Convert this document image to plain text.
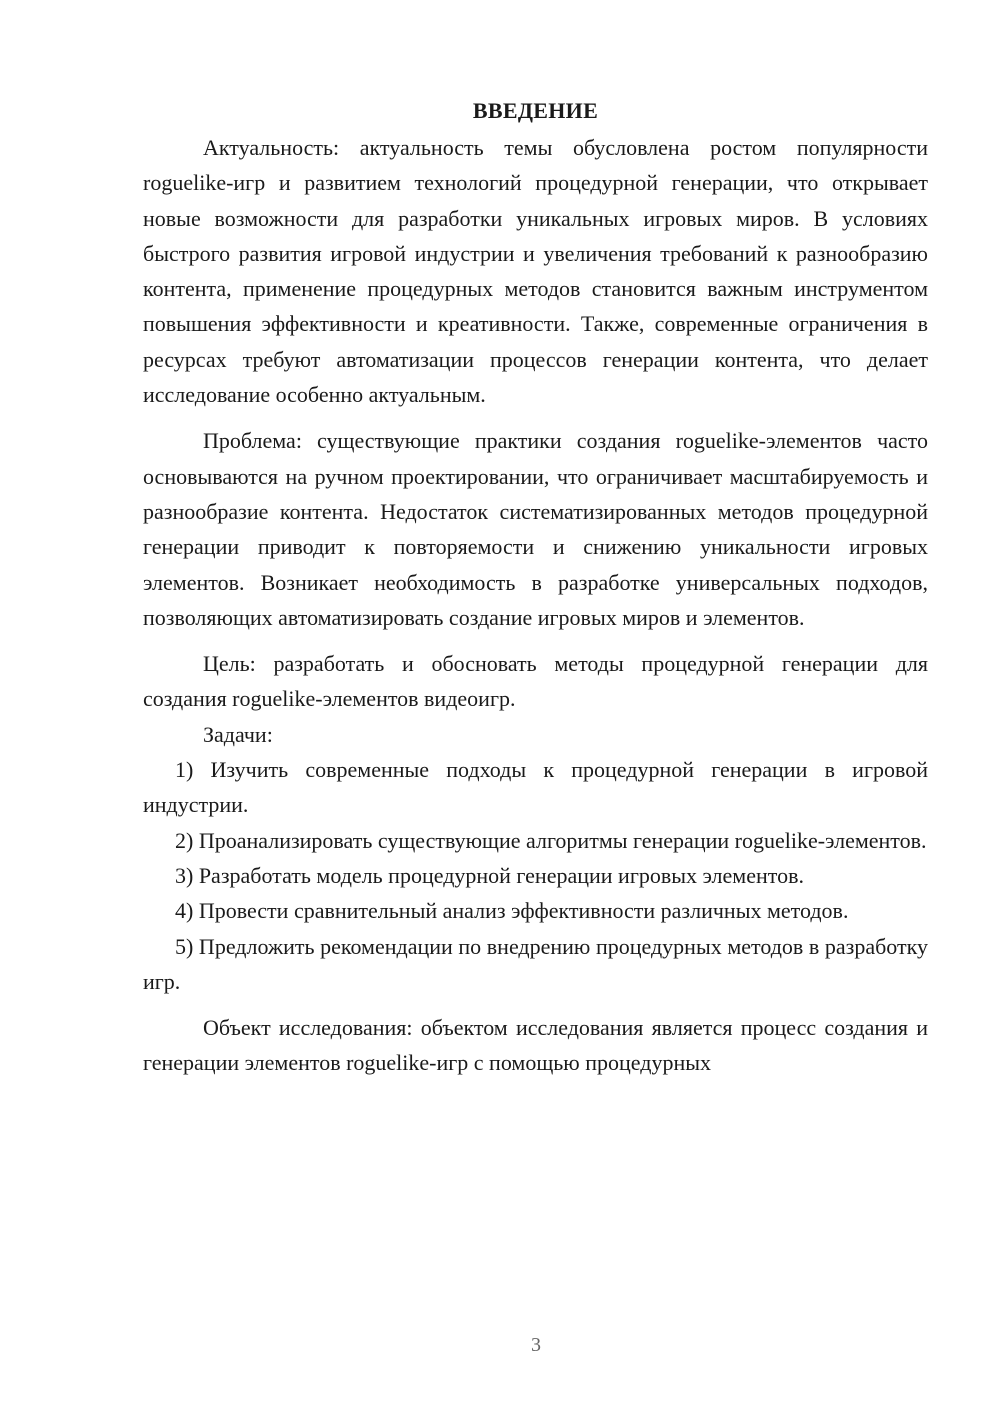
ВВЕДЕНИЕ

Актуальность: актуальность темы обусловлена ростом популярности roguelike-игр и развитием технологий процедурной генерации, что открывает новые возможности для разработки уникальных игровых миров. В условиях быстрого развития игровой индустрии и увеличения требований к разнообразию контента, применение процедурных методов становится важным инструментом повышения эффективности и креативности. Также, современные ограничения в ресурсах требуют автоматизации процессов генерации контента, что делает исследование особенно актуальным.

Проблема: существующие практики создания roguelike-элементов часто основываются на ручном проектировании, что ограничивает масштабируемость и разнообразие контента. Недостаток систематизированных методов процедурной генерации приводит к повторяемости и снижению уникальности игровых элементов. Возникает необходимость в разработке универсальных подходов, позволяющих автоматизировать создание игровых миров и элементов.

Цель: разработать и обосновать методы процедурной генерации для создания roguelike-элементов видеоигр.

Задачи:

1) Изучить современные подходы к процедурной генерации в игровой индустрии.

2) Проанализировать существующие алгоритмы генерации roguelike-элементов.

3) Разработать модель процедурной генерации игровых элементов.

4) Провести сравнительный анализ эффективности различных методов.

5) Предложить рекомендации по внедрению процедурных методов в разработку игр.

Объект исследования: объектом исследования является процесс создания и генерации элементов roguelike-игр с помощью процедурных

3
